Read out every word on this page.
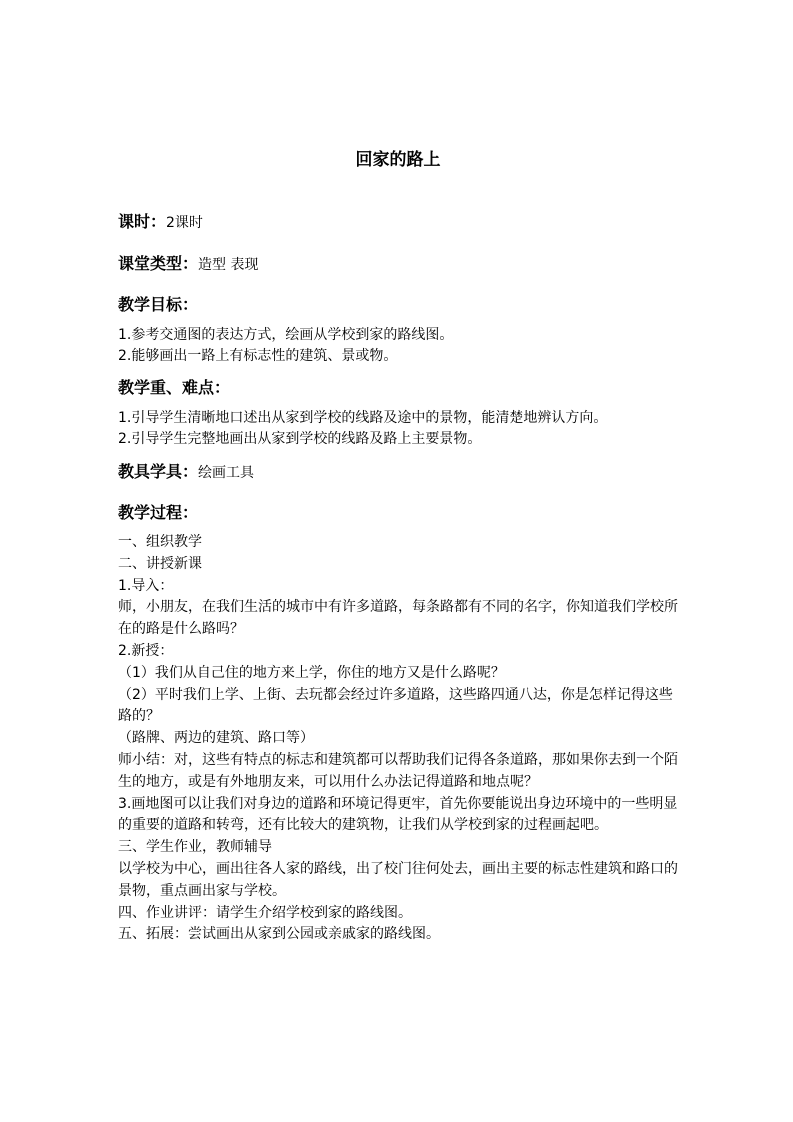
回家的路上
课时：2课时
课堂类型：造型 表现
教学目标：
1.参考交通图的表达方式，绘画从学校到家的路线图。
2.能够画出一路上有标志性的建筑、景或物。
教学重、难点：
1.引导学生清晰地口述出从家到学校的线路及途中的景物，能清楚地辨认方向。
2.引导学生完整地画出从家到学校的线路及路上主要景物。
教具学具：绘画工具
教学过程：

一、组织教学

二、讲授新课

1.导入：

师，小朋友，在我们生活的城市中有许多道路，每条路都有不同的名字，你知道我们学校所在的路是什么路吗？

2.新授：

（1）我们从自己住的地方来上学，你住的地方又是什么路呢？

（2）平时我们上学、上街、去玩都会经过许多道路，这些路四通八达，你是怎样记得这些路的？

（路牌、两边的建筑、路口等）

师小结：对，这些有特点的标志和建筑都可以帮助我们记得各条道路，那如果你去到一个陌生的地方，或是有外地朋友来，可以用什么办法记得道路和地点呢？

3.画地图可以让我们对身边的道路和环境记得更牢，首先你要能说出身边环境中的一些明显的重要的道路和转弯，还有比较大的建筑物，让我们从学校到家的过程画起吧。

三、学生作业，教师辅导

以学校为中心，画出往各人家的路线，出了校门往何处去，画出主要的标志性建筑和路口的景物，重点画出家与学校。

四、作业讲评：请学生介绍学校到家的路线图。

五、拓展：尝试画出从家到公园或亲戚家的路线图。
